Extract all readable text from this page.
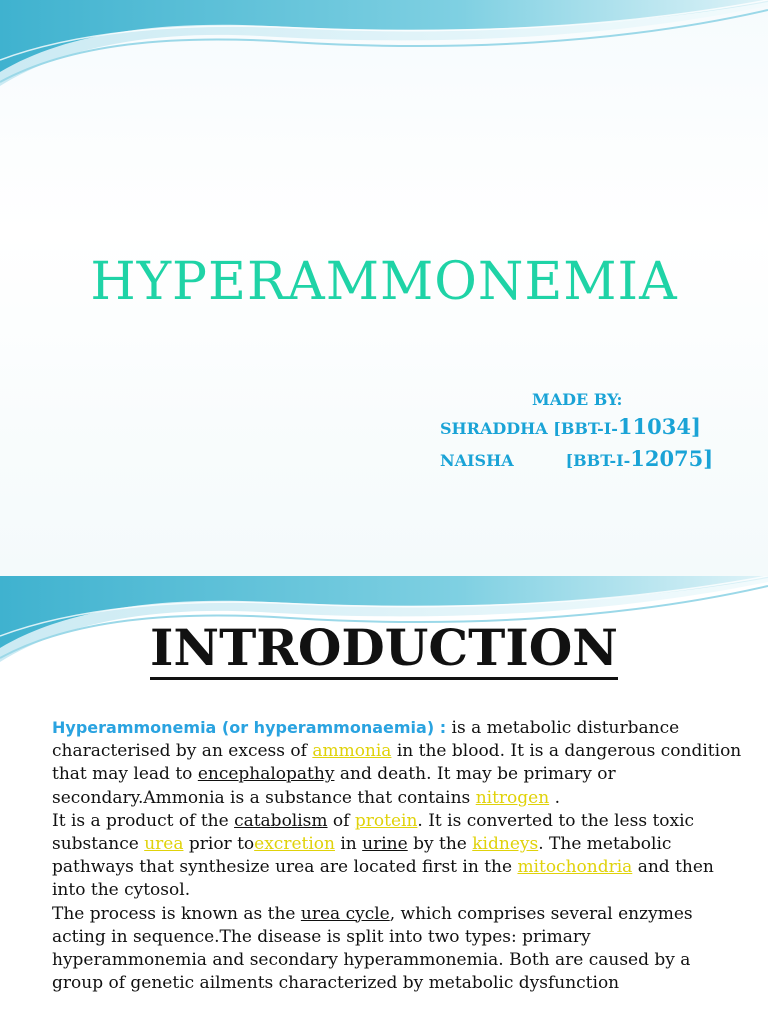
HYPERAMMONEMIA
MADE BY:
SHRADDHA [BBT-I-11034]
NAISHA	[BBT-I-12075]
INTRODUCTION

Hyperammonemia (or hyperammonaemia) : is a metabolic disturbance characterised by an excess of ammonia in the blood. It is a dangerous condition that may lead to encephalopathy and death. It may be primary or secondary.Ammonia is a substance that contains nitrogen .

It is a product of the catabolism of protein. It is converted to the less toxic substance urea prior toexcretion in urine by the kidneys. The metabolic pathways that synthesize urea are located first in the mitochondria and then into the cytosol.

The process is known as the urea cycle, which comprises several enzymes acting in sequence.The disease is split into two types: primary hyperammonemia and secondary hyperammonemia. Both are caused by a group of genetic ailments characterized by metabolic dysfunction
